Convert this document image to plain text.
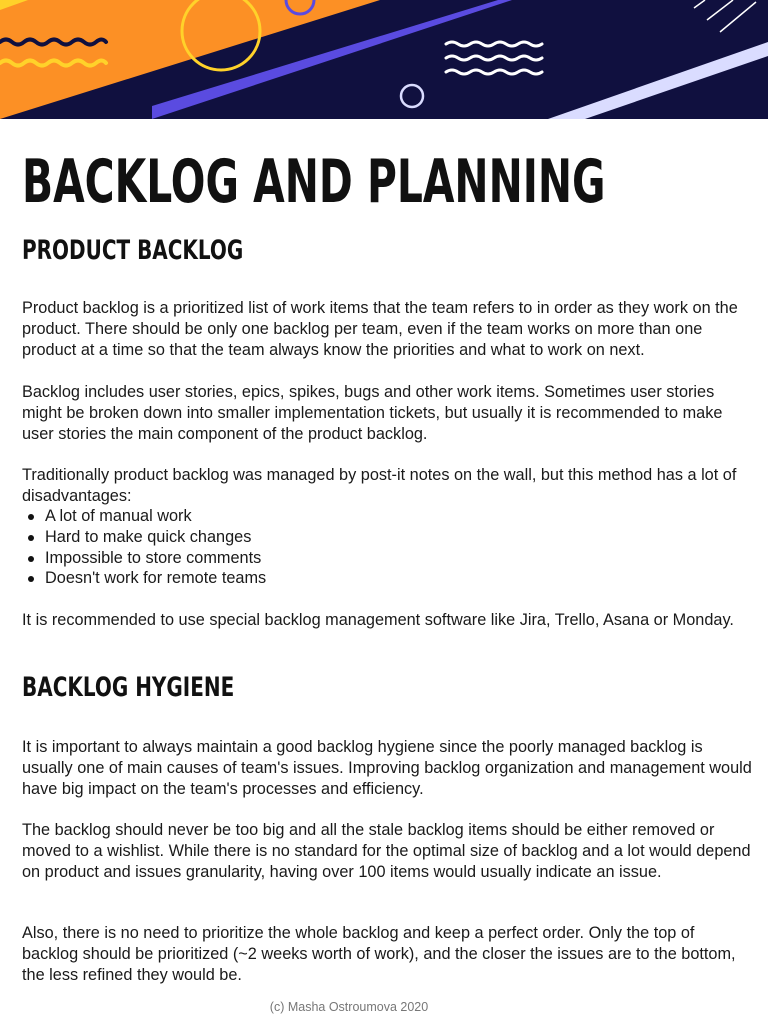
BACKLOG AND PLANNING
PRODUCT BACKLOG

Product backlog is a prioritized list of work items that the team refers to in order as they work on the product. There should be only one backlog per team, even if the team works on more than one product at a time so that the team always know the priorities and what to work on next.

Backlog includes user stories, epics, spikes, bugs and other work items. Sometimes user stories might be broken down into smaller implementation tickets, but usually it is recommended to make user stories the main component of the product backlog.

Traditionally product backlog was managed by post-it notes on the wall, but this method has a lot of disadvantages:

A lot of manual work
Hard to make quick changes
Impossible to store comments
Doesn't work for remote teams

It is recommended to use special backlog management software like Jira, Trello, Asana or Monday.

BACKLOG HYGIENE

It is important to always maintain a good backlog hygiene since the poorly managed backlog is usually one of main causes of team's issues. Improving backlog organization and management would have big impact on the team's processes and efficiency.

The backlog should never be too big and all the stale backlog items should be either removed or moved to a wishlist. While there is no standard for the optimal size of backlog and a lot would depend on product and issues granularity, having over 100 items would usually indicate an issue.

Also, there is no need to prioritize the whole backlog and keep a perfect order. Only the top of backlog should be prioritized (~2 weeks worth of work), and the closer the issues are to the bottom, the less refined they would be.

(c) Masha Ostroumova 2020
